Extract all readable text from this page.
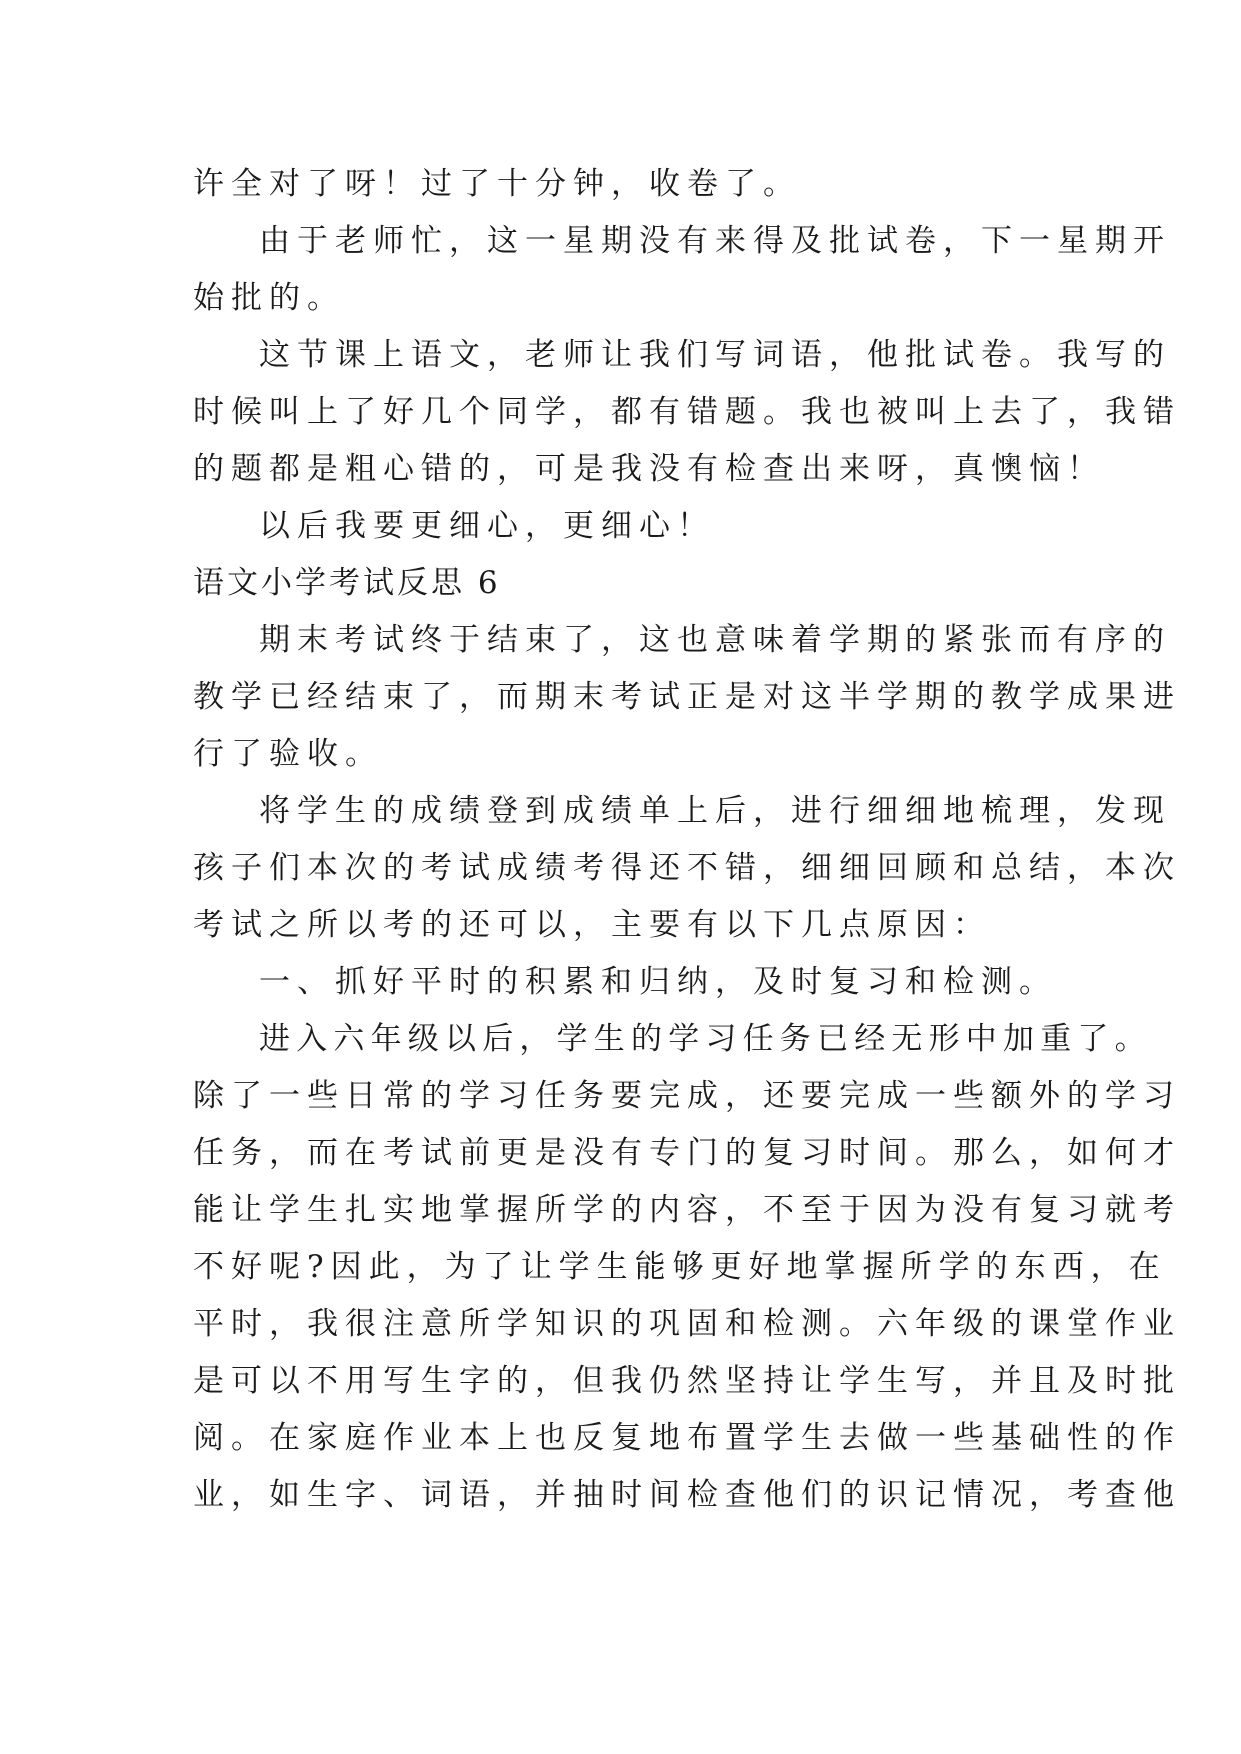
许全对了呀！过了十分钟，收卷了。
由于老师忙，这一星期没有来得及批试卷，下一星期开
始批的。
这节课上语文，老师让我们写词语，他批试卷。我写的
时候叫上了好几个同学，都有错题。我也被叫上去了，我错
的题都是粗心错的，可是我没有检查出来呀，真懊恼！
以后我要更细心，更细心！
语文小学考试反思 6
期末考试终于结束了，这也意味着学期的紧张而有序的
教学已经结束了，而期末考试正是对这半学期的教学成果进
行了验收。
将学生的成绩登到成绩单上后，进行细细地梳理，发现
孩子们本次的考试成绩考得还不错，细细回顾和总结，本次
考试之所以考的还可以，主要有以下几点原因：
一、抓好平时的积累和归纳，及时复习和检测。
进入六年级以后，学生的学习任务已经无形中加重了。
除了一些日常的学习任务要完成，还要完成一些额外的学习
任务，而在考试前更是没有专门的复习时间。那么，如何才
能让学生扎实地掌握所学的内容，不至于因为没有复习就考
不好呢?因此，为了让学生能够更好地掌握所学的东西，在
平时，我很注意所学知识的巩固和检测。六年级的课堂作业
是可以不用写生字的，但我仍然坚持让学生写，并且及时批
阅。在家庭作业本上也反复地布置学生去做一些基础性的作
业，如生字、词语，并抽时间检查他们的识记情况，考查他
